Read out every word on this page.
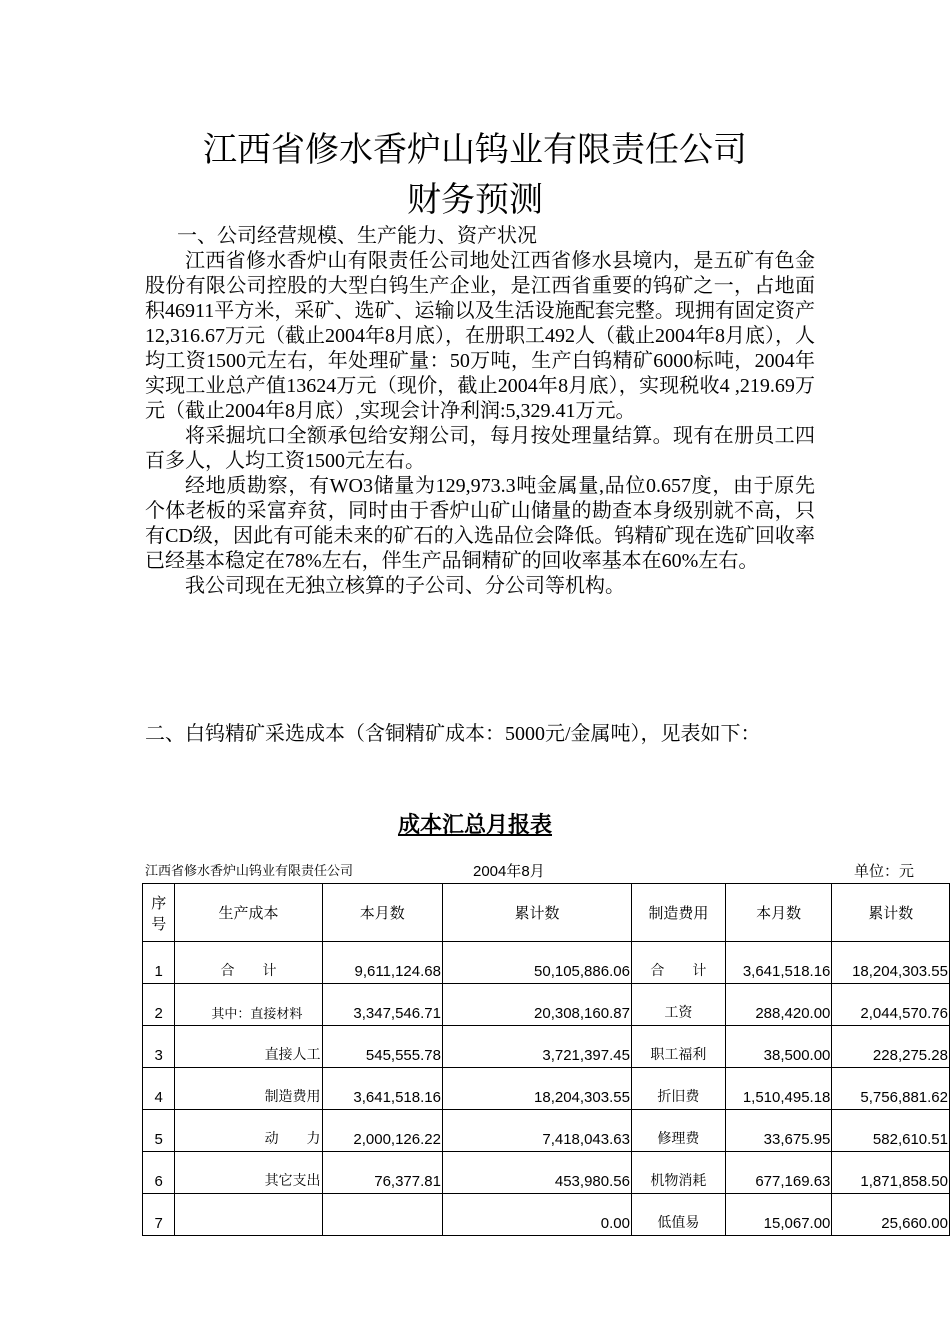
江西省修水香炉山钨业有限责任公司
财务预测

一、公司经营规模、生产能力、资产状况

江西省修水香炉山有限责任公司地处江西省修水县境内，是五矿有色金股份有限公司控股的大型白钨生产企业，是江西省重要的钨矿之一，占地面积46911平方米，采矿、选矿、运输以及生活设施配套完整。现拥有固定资产12,316.67万元（截止2004年8月底），在册职工492人（截止2004年8月底），人均工资1500元左右，年处理矿量：50万吨，生产白钨精矿6000标吨，2004年实现工业总产值13624万元（现价，截止2004年8月底），实现税收4 ,219.69万元（截止2004年8月底）,实现会计净利润:5,329.41万元。

将采掘坑口全额承包给安翔公司，每月按处理量结算。现有在册员工四百多人，人均工资1500元左右。

经地质勘察，有WO3储量为129,973.3吨金属量,品位0.657度，由于原先个体老板的采富弃贫，同时由于香炉山矿山储量的勘查本身级别就不高，只有CD级，因此有可能未来的矿石的入选品位会降低。钨精矿现在选矿回收率已经基本稳定在78%左右，伴生产品铜精矿的回收率基本在60%左右。

我公司现在无独立核算的子公司、分公司等机构。

二、白钨精矿采选成本（含铜精矿成本：5000元/金属吨），见表如下：

成本汇总月报表
江西省修水香炉山钨业有限责任公司	2004年8月	单位：元
序号	生产成本	本月数	累计数	制造费用	本月数	累计数
1	合　　计	9,611,124.68	50,105,886.06	合　　计	3,641,518.16	18,204,303.55
2	其中：直接材料	3,347,546.71	20,308,160.87	工资	288,420.00	2,044,570.76
3	直接人工	545,555.78	3,721,397.45	职工福利	38,500.00	228,275.28
4	制造费用	3,641,518.16	18,204,303.55	折旧费	1,510,495.18	5,756,881.62
5	动　　力	2,000,126.22	7,418,043.63	修理费	33,675.95	582,610.51
6	其它支出	76,377.81	453,980.56	机物消耗	677,169.63	1,871,858.50
7			0.00	低值易	15,067.00	25,660.00
